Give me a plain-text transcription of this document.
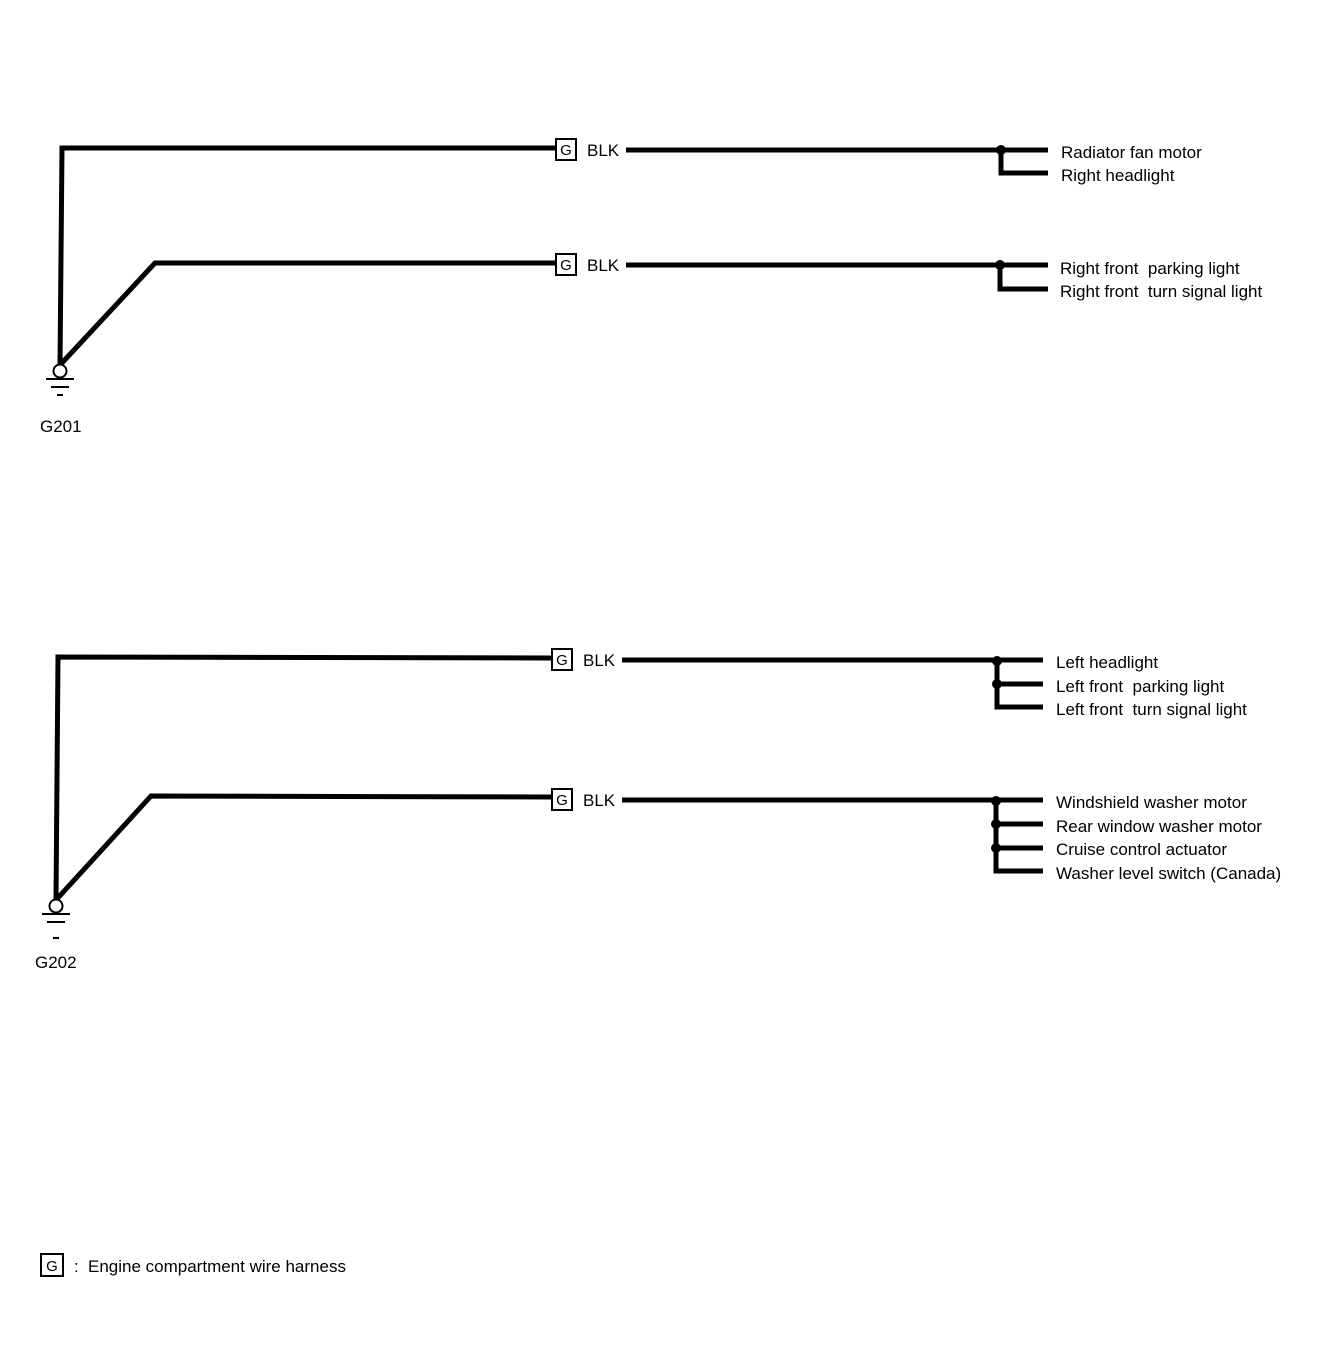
G BLK
G BLK
Radiator fan motor
Right headlight
Right front  parking light
Right front  turn signal light
G201
G BLK
G BLK
Left headlight
Left front  parking light
Left front  turn signal light
Windshield washer motor
Rear window washer motor
Cruise control actuator
Washer level switch (Canada)
G202
G : Engine compartment wire harness
